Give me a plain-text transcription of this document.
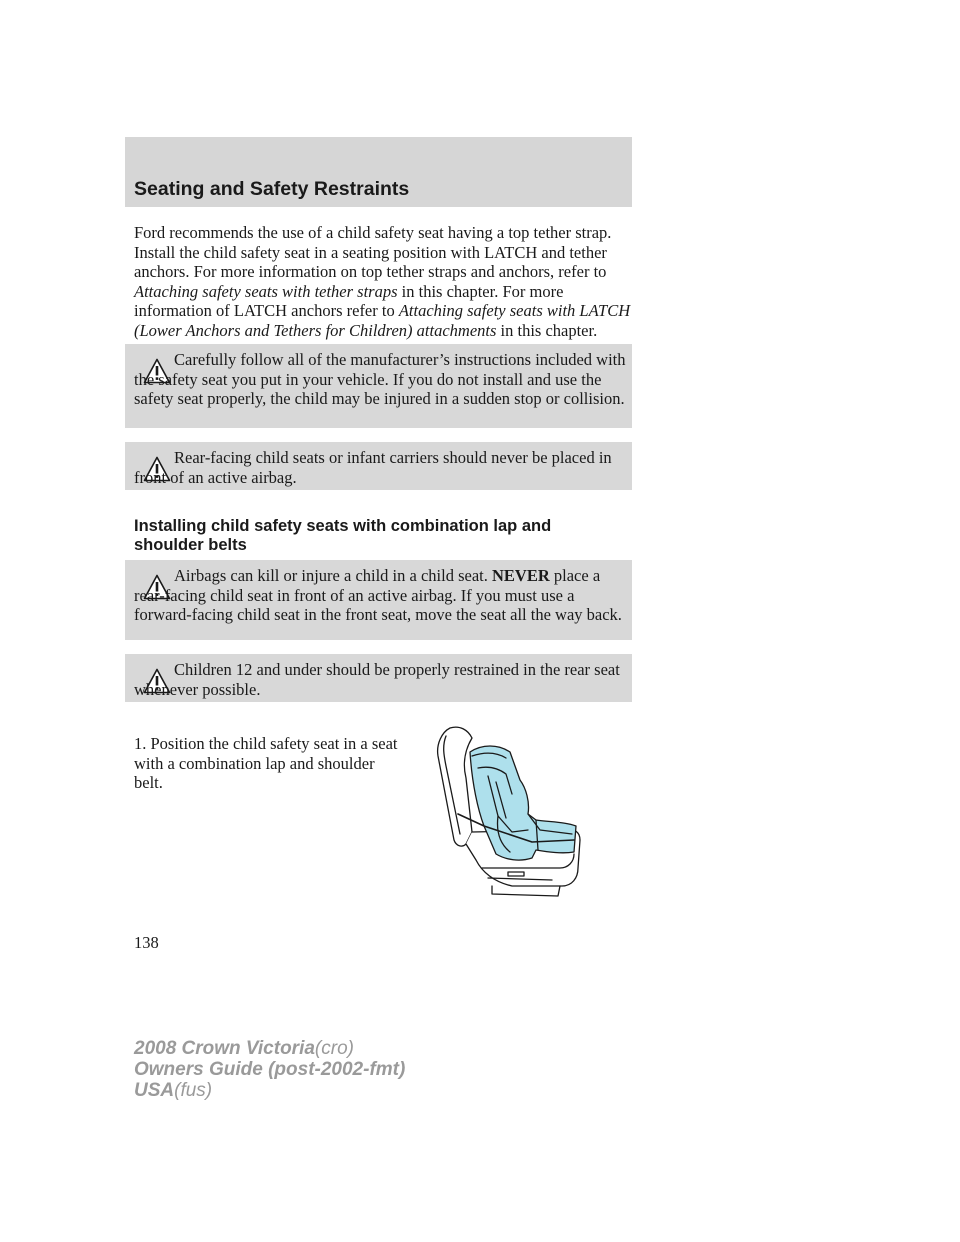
Seating and Safety Restraints

Ford recommends the use of a child safety seat having a top tether strap. Install the child safety seat in a seating position with LATCH and tether anchors. For more information on top tether straps and anchors, refer to Attaching safety seats with tether straps in this chapter. For more information of LATCH anchors refer to Attaching safety seats with LATCH (Lower Anchors and Tethers for Children) attachments in this chapter.

Carefully follow all of the manufacturer’s instructions included with the safety seat you put in your vehicle. If you do not install and use the safety seat properly, the child may be injured in a sudden stop or collision.

Rear-facing child seats or infant carriers should never be placed in front of an active airbag.

Installing child safety seats with combination lap and shoulder belts

Airbags can kill or injure a child in a child seat. NEVER place a rear-facing child seat in front of an active airbag. If you must use a forward-facing child seat in the front seat, move the seat all the way back.

Children 12 and under should be properly restrained in the rear seat whenever possible.

1. Position the child safety seat in a seat with a combination lap and shoulder belt.

138
2008 Crown Victoria(cro)
Owners Guide (post-2002-fmt)
USA(fus)
